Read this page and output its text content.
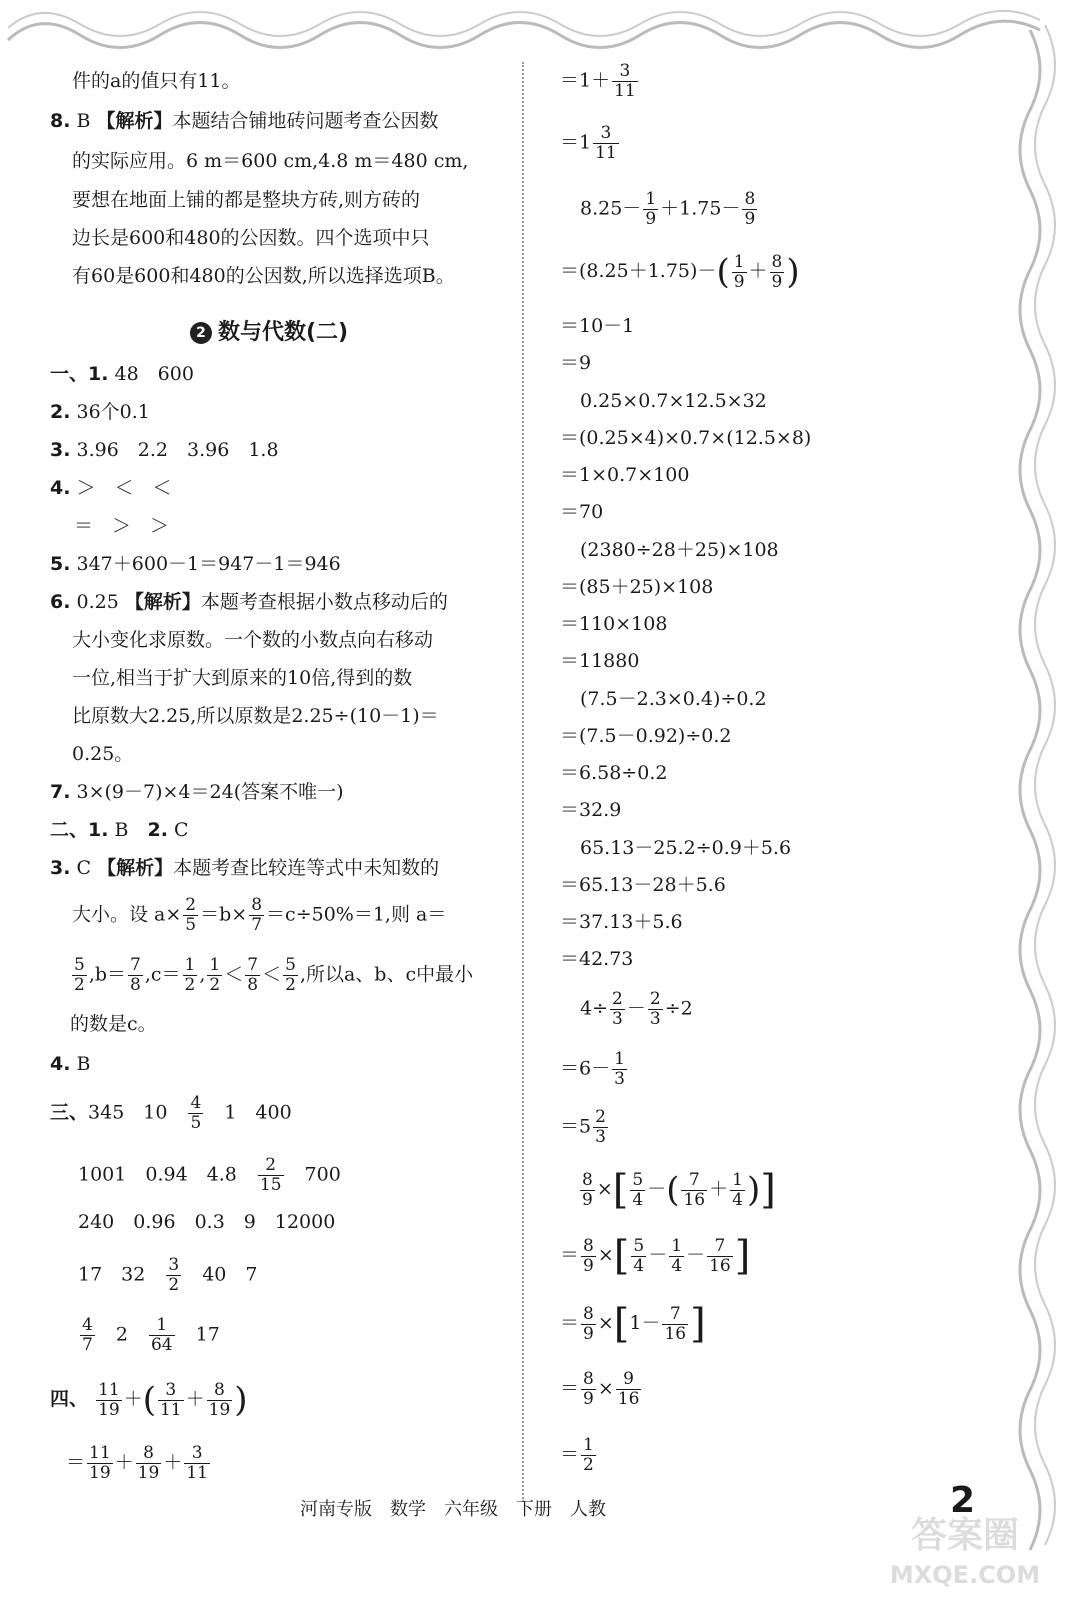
件的a的值只有11。
8. B 【解析】本题结合铺地砖问题考查公因数
的实际应用。6 m＝600 cm,4.8 m＝480 cm,
要想在地面上铺的都是整块方砖,则方砖的
边长是600和480的公因数。四个选项中只
有60是600和480的公因数,所以选择选项B。
2 数与代数(二)
一、1. 48　600
2. 36个0.1
3. 3.96　2.2　3.96　1.8
4. ＞　＜　＜
＝　＞　＞
5. 347＋600－1＝947－1＝946
6. 0.25 【解析】本题考查根据小数点移动后的
大小变化求原数。一个数的小数点向右移动
一位,相当于扩大到原来的10倍,得到的数
比原数大2.25,所以原数是2.25÷(10－1)＝
0.25。
7. 3×(9－7)×4＝24(答案不唯一)
二、1. B　 2. C
3. C 【解析】本题考查比较连等式中未知数的
大小。设 $a\times \frac{2}{5} =b\times \frac{8}{7} =c\div 50\%=1$,则 a＝
$\frac{5}{2} ,b= \frac{7}{8} ,c= \frac{1}{2}$ , $\frac{1}{2} < \frac{7}{8} < \frac{5}{2}$ ,所以a、b、c中最小
的数是c。
4. B
三、345　10　 $\frac{4}{5}$
　 1　400
1001　0.94　4.8　 $\frac{2}{15}$
　 700
240　0.96　0.3　9　12000
17　32　 $\frac{3}{2}$
　 40　7
$\frac{4}{7}$
　 2　 $\frac{1}{64}$
　 17
四、 $\frac{11}{19}$ ＋( $\frac{3}{11} + \frac{8}{19}$ )
＝ $\frac{11}{19} + \frac{8}{19} + \frac{3}{11}$
$=1+ \frac{3}{11}$
$=1 \frac{3}{11}$
$8.25- \frac{1}{9} +1.75- \frac{8}{9}$
$=(8.25+1.75)-( \frac{1}{9} + \frac{8}{9}$ )
＝10－1
＝9
0.25×0.7×12.5×32
＝(0.25×4)×0.7×(12.5×8)
＝1×0.7×100
＝70
(2380÷28＋25)×108
＝(85＋25)×108
＝110×108
＝11880
(7.5－2.3×0.4)÷0.2
＝(7.5－0.92)÷0.2
＝6.58÷0.2
＝32.9
65.13－25.2÷0.9＋5.6
＝65.13－28＋5.6
＝37.13＋5.6
＝42.73
$4\div \frac{2}{3} - \frac{2}{3} \div 2$
$=6- \frac{1}{3}$
$=5 \frac{2}{3}$
$\frac{8}{9}$ ×[ $\frac{5}{4}$ －( $\frac{7}{16} + \frac{1}{4}$ )]
＝ $\frac{8}{9}$ ×[ $\frac{5}{4} - \frac{1}{4} - \frac{7}{16}$ ]
＝ $\frac{8}{9} \times[1- \frac{7}{16}$ ]
＝ $\frac{8}{9} \times \frac{9}{16}$
＝ $\frac{1}{2}$
河南专版　数学　六年级　下册　人教	2
答案圈
MXQE.COM
